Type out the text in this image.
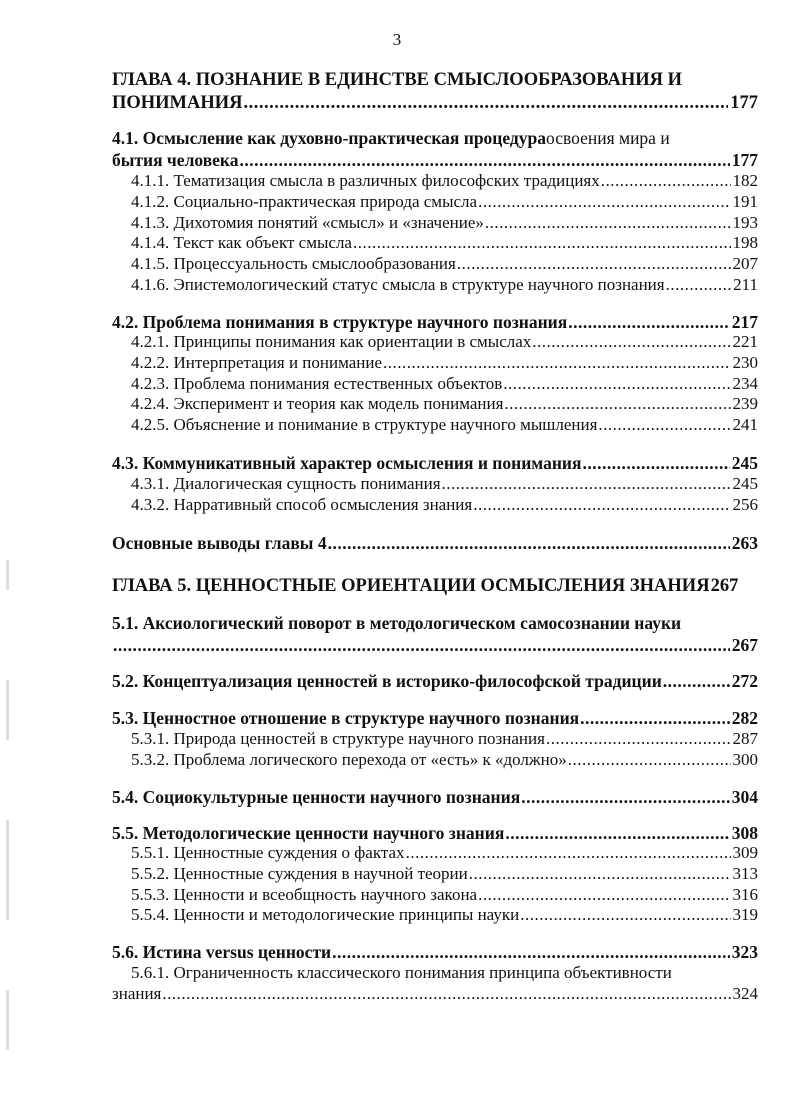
3
ГЛАВА 4. ПОЗНАНИЕ В ЕДИНСТВЕ СМЫСЛООБРАЗОВАНИЯ И
ПОНИМАНИЯ .....	177
4.1. Осмысление как духовно-практическая процедура освоения мира и
бытия человека .....	177
4.1.1. Тематизация смысла в различных философских традициях .....	182
4.1.2. Социально-практическая природа смысла .....	191
4.1.3. Дихотомия понятий «смысл» и «значение» .....	193
4.1.4. Текст как объект смысла .....	198
4.1.5. Процессуальность смыслообразования .....	207
4.1.6. Эпистемологический статус смысла в структуре научного познания .....	211
4.2. Проблема понимания в структуре научного познания .....	217
4.2.1. Принципы понимания как ориентации в смыслах .....	221
4.2.2. Интерпретация и понимание .....	230
4.2.3. Проблема понимания естественных объектов .....	234
4.2.4. Эксперимент и теория как модель понимания .....	239
4.2.5. Объяснение и понимание в структуре научного мышления .....	241
4.3. Коммуникативный характер осмысления и понимания .....	245
4.3.1. Диалогическая сущность понимания .....	245
4.3.2. Нарративный способ осмысления знания .....	256
Основные выводы главы 4 .....	263
ГЛАВА 5. ЦЕННОСТНЫЕ ОРИЕНТАЦИИ ОСМЫСЛЕНИЯ ЗНАНИЯ 267
5.1. Аксиологический поворот в методологическом самосознании науки
.....
267
5.2. Концептуализация ценностей в историко-философской традиции .....	272
5.3. Ценностное отношение в структуре научного познания .....	282
5.3.1. Природа ценностей в структуре научного познания .....	287
5.3.2. Проблема логического перехода от «есть» к «должно» .....	300
5.4. Социокультурные ценности научного познания .....	304
5.5. Методологические ценности научного знания .....	308
5.5.1. Ценностные суждения о фактах .....	309
5.5.2. Ценностные суждения в научной теории .....	313
5.5.3. Ценности и всеобщность научного закона .....	316
5.5.4. Ценности и методологические принципы науки .....	319
5.6. Истина versus ценности .....	323
5.6.1. Ограниченность классического понимания принципа объективности
знания .....	324
